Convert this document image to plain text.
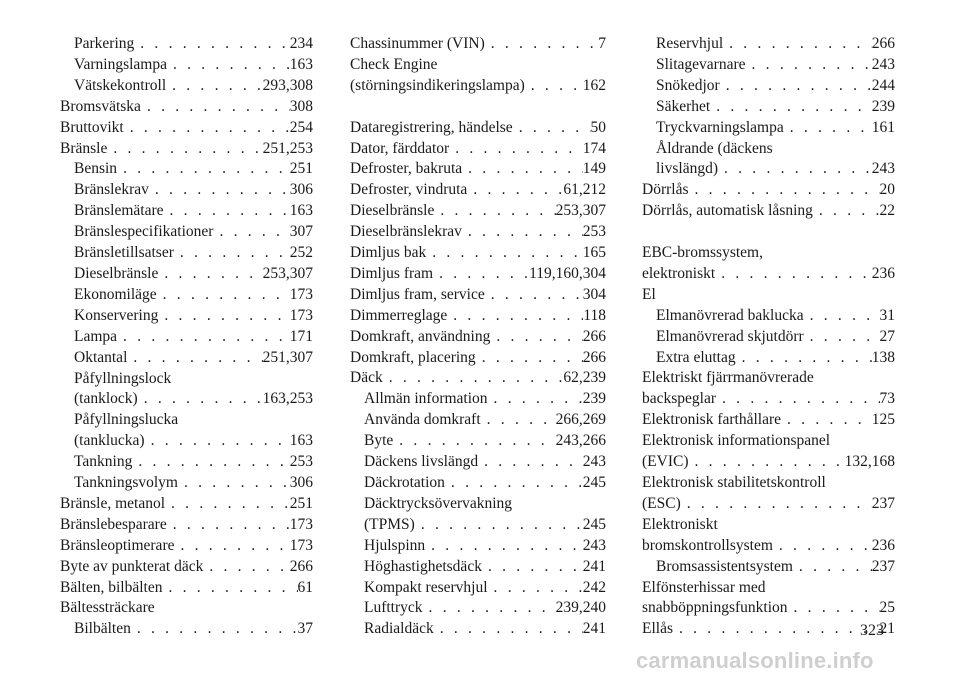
Parkering . . .	234
Varningslampa . . .	163
Vätskekontroll . . .	293,308
Bromsvätska . . .	308
Bruttovikt . . .	254
Bränsle . . .	251,253
Bensin . . .	251
Bränslekrav . . .	306
Bränslemätare . . .	163
Bränslespecifikationer . . .	307
Bränsletillsatser . . .	252
Dieselbränsle . . .	253,307
Ekonomiläge . . .	173
Konservering . . .	173
Lampa . . .	171
Oktantal . . .	251,307
Påfyllningslock
(tanklock) . . .	163,253
Påfyllningslucka
(tanklucka) . . .	163
Tankning . . .	253
Tankningsvolym . . .	306
Bränsle, metanol . . .	251
Bränslebesparare . . .	173
Bränsleoptimerare . . .	173
Byte av punkterat däck . . .	266
Bälten, bilbälten . . .	61
Bältessträckare
Bilbälten . . .	37
Chassinummer (VIN) . . .	7
Check Engine
(störningsindikeringslampa) . . .	162
Dataregistrering, händelse . . .	50
Dator, färddator . . .	174
Defroster, bakruta . . .	149
Defroster, vindruta . . .	61,212
Dieselbränsle . . .	253,307
Dieselbränslekrav . . .	253
Dimljus bak . . .	165
Dimljus fram . . .	119,160,304
Dimljus fram, service . . .	304
Dimmerreglage . . .	118
Domkraft, användning . . .	266
Domkraft, placering . . .	266
Däck . . .	62,239
Allmän information . . .	239
Använda domkraft . . .	266,269
Byte . . .	243,266
Däckens livslängd . . .	243
Däckrotation . . .	245
Däcktrycksövervakning
(TPMS) . . .	245
Hjulspinn . . .	243
Höghastighetsdäck . . .	241
Kompakt reservhjul . . .	242
Lufttryck . . .	239,240
Radialdäck . . .	241
Reservhjul . . .	266
Slitagevarnare . . .	243
Snökedjor . . .	244
Säkerhet . . .	239
Tryckvarningslampa . . .	161
Åldrande (däckens
livslängd) . . .	243
Dörrlås . . .	20
Dörrlås, automatisk låsning . . .	22
EBC-bromssystem,
elektroniskt . . .	236
El
Elmanövrerad baklucka . . .	31
Elmanövrerad skjutdörr . . .	27
Extra eluttag . . .	138
Elektriskt fjärrmanövrerade
backspeglar . . .	73
Elektronisk farthållare . . .	125
Elektronisk informationspanel
(EVIC) . . .	132,168
Elektronisk stabilitetskontroll
(ESC) . . .	237
Elektroniskt
bromskontrollsystem . . .	236
Bromsassistentsystem . . .	237
Elfönsterhissar med
snabböppningsfunktion . . .	25
Ellås . . .	21
323
carmanualsonline.info
